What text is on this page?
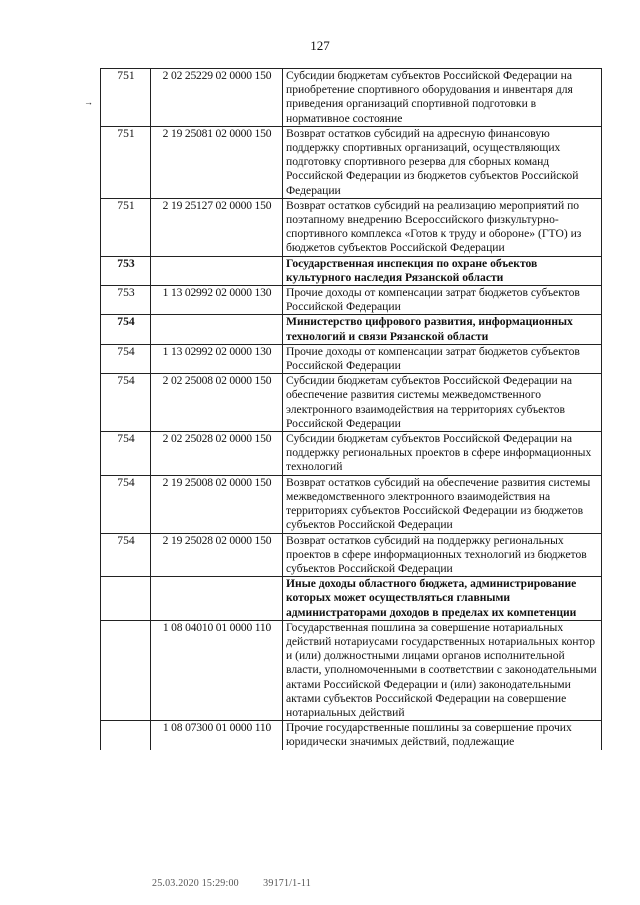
127
→
751	2 02 25229 02 0000 150	Субсидии бюджетам субъектов Российской Федерации на приобретение спортивного оборудования и инвентаря для приведения организаций спортивной подготовки в нормативное состояние
751	2 19 25081 02 0000 150	Возврат остатков субсидий на адресную финансовую поддержку спортивных организаций, осуществляющих подготовку спортивного резерва для сборных команд Российской Федерации из бюджетов субъектов Российской Федерации
751	2 19 25127 02 0000 150	Возврат остатков субсидий на реализацию мероприятий по поэтапному внедрению Всероссийского физкультурно-спортивного комплекса «Готов к труду и обороне» (ГТО) из бюджетов субъектов Российской Федерации
753		Государственная инспекция по охране объектов культурного наследия Рязанской области
753	1 13 02992 02 0000 130	Прочие доходы от компенсации затрат бюджетов субъектов Российской Федерации
754		Министерство цифрового развития, информационных технологий и связи Рязанской области
754	1 13 02992 02 0000 130	Прочие доходы от компенсации затрат бюджетов субъектов Российской Федерации
754	2 02 25008 02 0000 150	Субсидии бюджетам субъектов Российской Федерации на обеспечение развития системы межведомственного электронного взаимодействия на территориях субъектов Российской Федерации
754	2 02 25028 02 0000 150	Субсидии бюджетам субъектов Российской Федерации на поддержку региональных проектов в сфере информационных технологий
754	2 19 25008 02 0000 150	Возврат остатков субсидий на обеспечение развития системы межведомственного электронного взаимодействия на территориях субъектов Российской Федерации из бюджетов субъектов Российской Федерации
754	2 19 25028 02 0000 150	Возврат остатков субсидий на поддержку региональных проектов в сфере информационных технологий из бюджетов субъектов Российской Федерации
		Иные доходы областного бюджета, администрирование которых может осуществляться главными администраторами доходов в пределах их компетенции
	1 08 04010 01 0000 110	Государственная пошлина за совершение нотариальных действий нотариусами государственных нотариальных контор и (или) должностными лицами органов исполнительной власти, уполномоченными в соответствии с законодательными актами Российской Федерации и (или) законодательными актами субъектов Российской Федерации на совершение нотариальных действий
	1 08 07300 01 0000 110	Прочие государственные пошлины за совершение прочих юридически значимых действий, подлежащие
25.03.2020 15:29:00 39171/1-11
